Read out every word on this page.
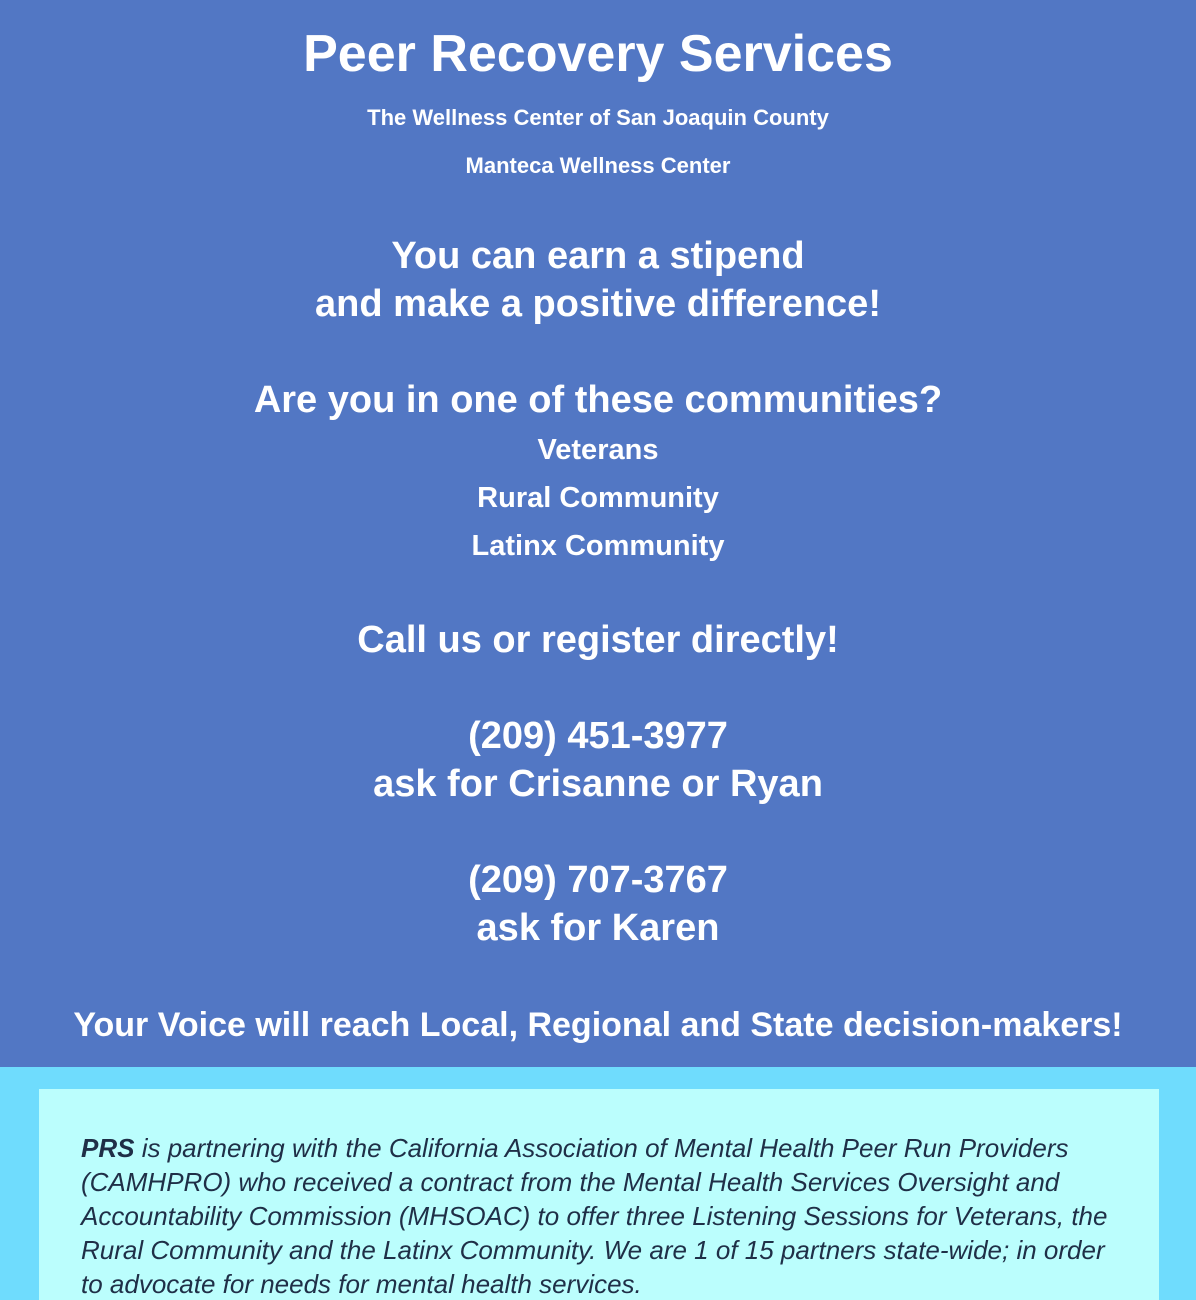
Peer Recovery Services
The Wellness Center of San Joaquin County
Manteca Wellness Center
You can earn a stipend
and make a positive difference!
Are you in one of these communities?
Veterans
Rural Community
Latinx Community
Call us or register directly!
(209) 451-3977
ask for Crisanne or Ryan
(209) 707-3767
ask for Karen
Your Voice will reach Local, Regional and State decision-makers!

PRS is partnering with the California Association of Mental Health Peer Run Providers (CAMHPRO) who received a contract from the Mental Health Services Oversight and Accountability Commission (MHSOAC) to offer three Listening Sessions for Veterans, the Rural Community and the Latinx Community. We are 1 of 15 partners state-wide; in order to advocate for needs for mental health services.
